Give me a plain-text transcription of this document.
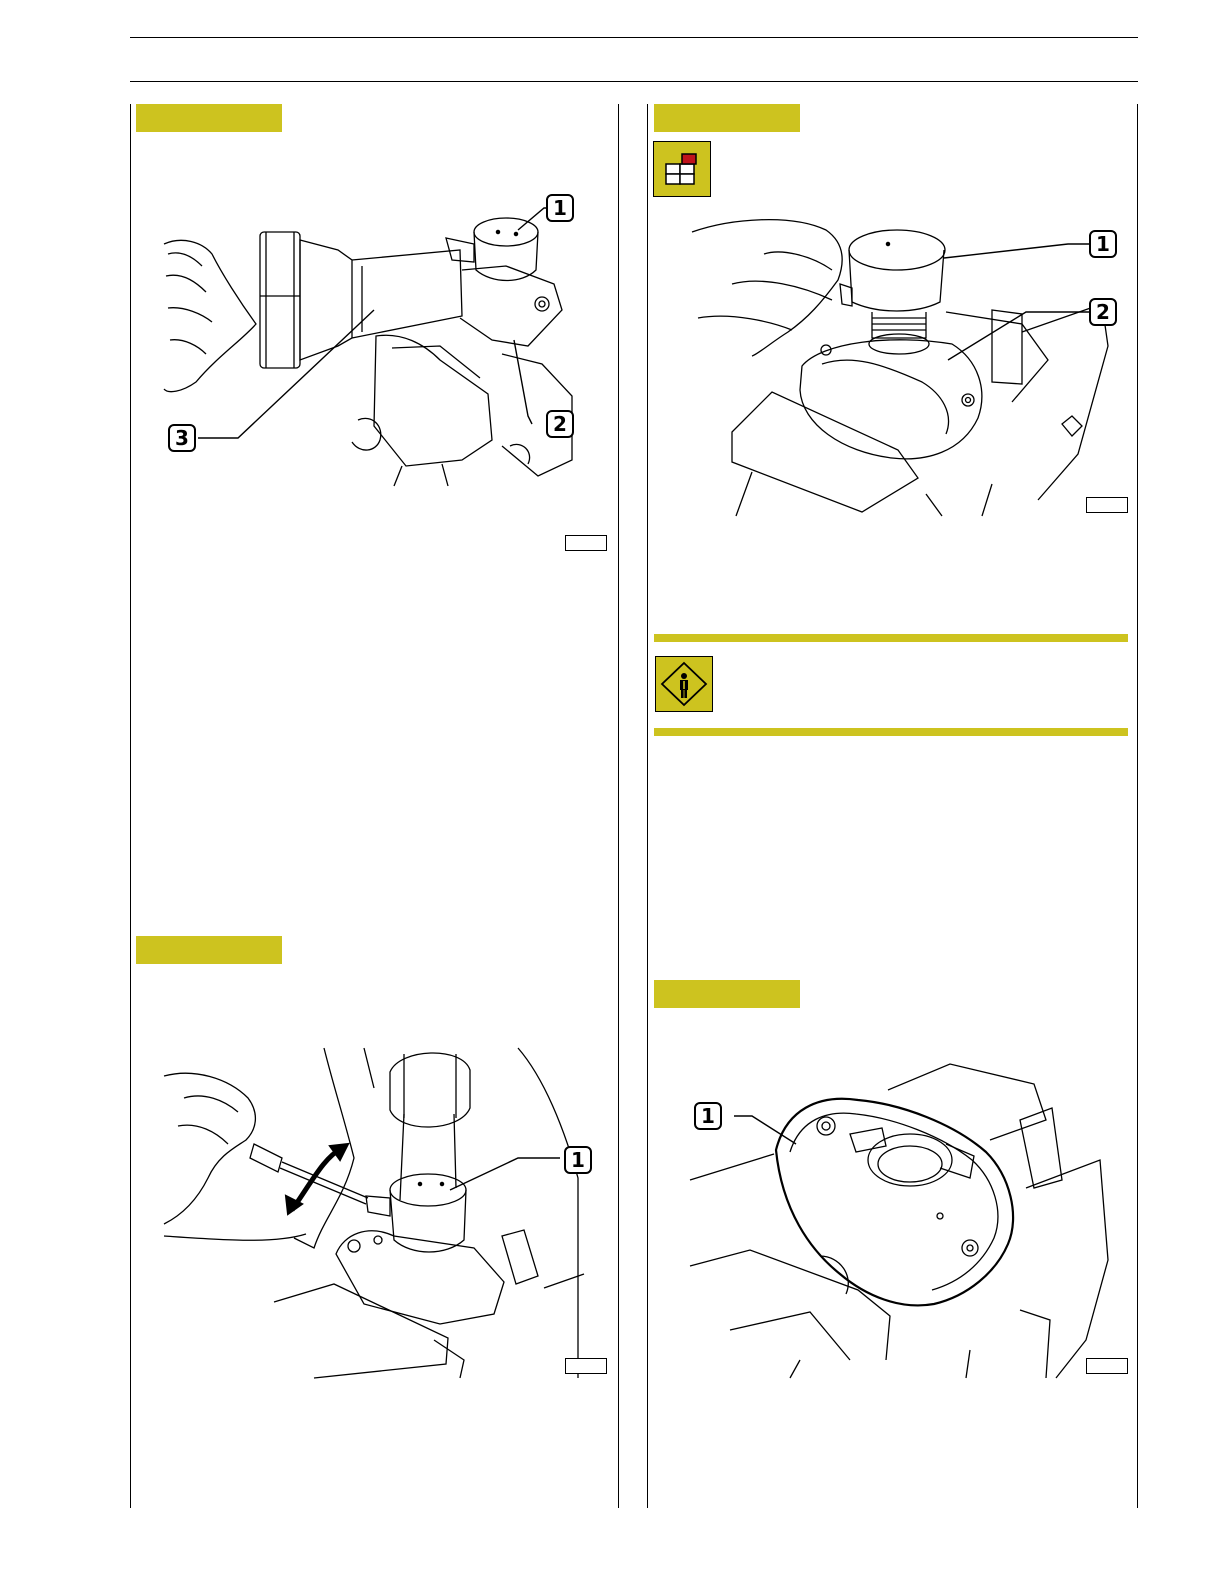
1
2
3
1
2
1
1
